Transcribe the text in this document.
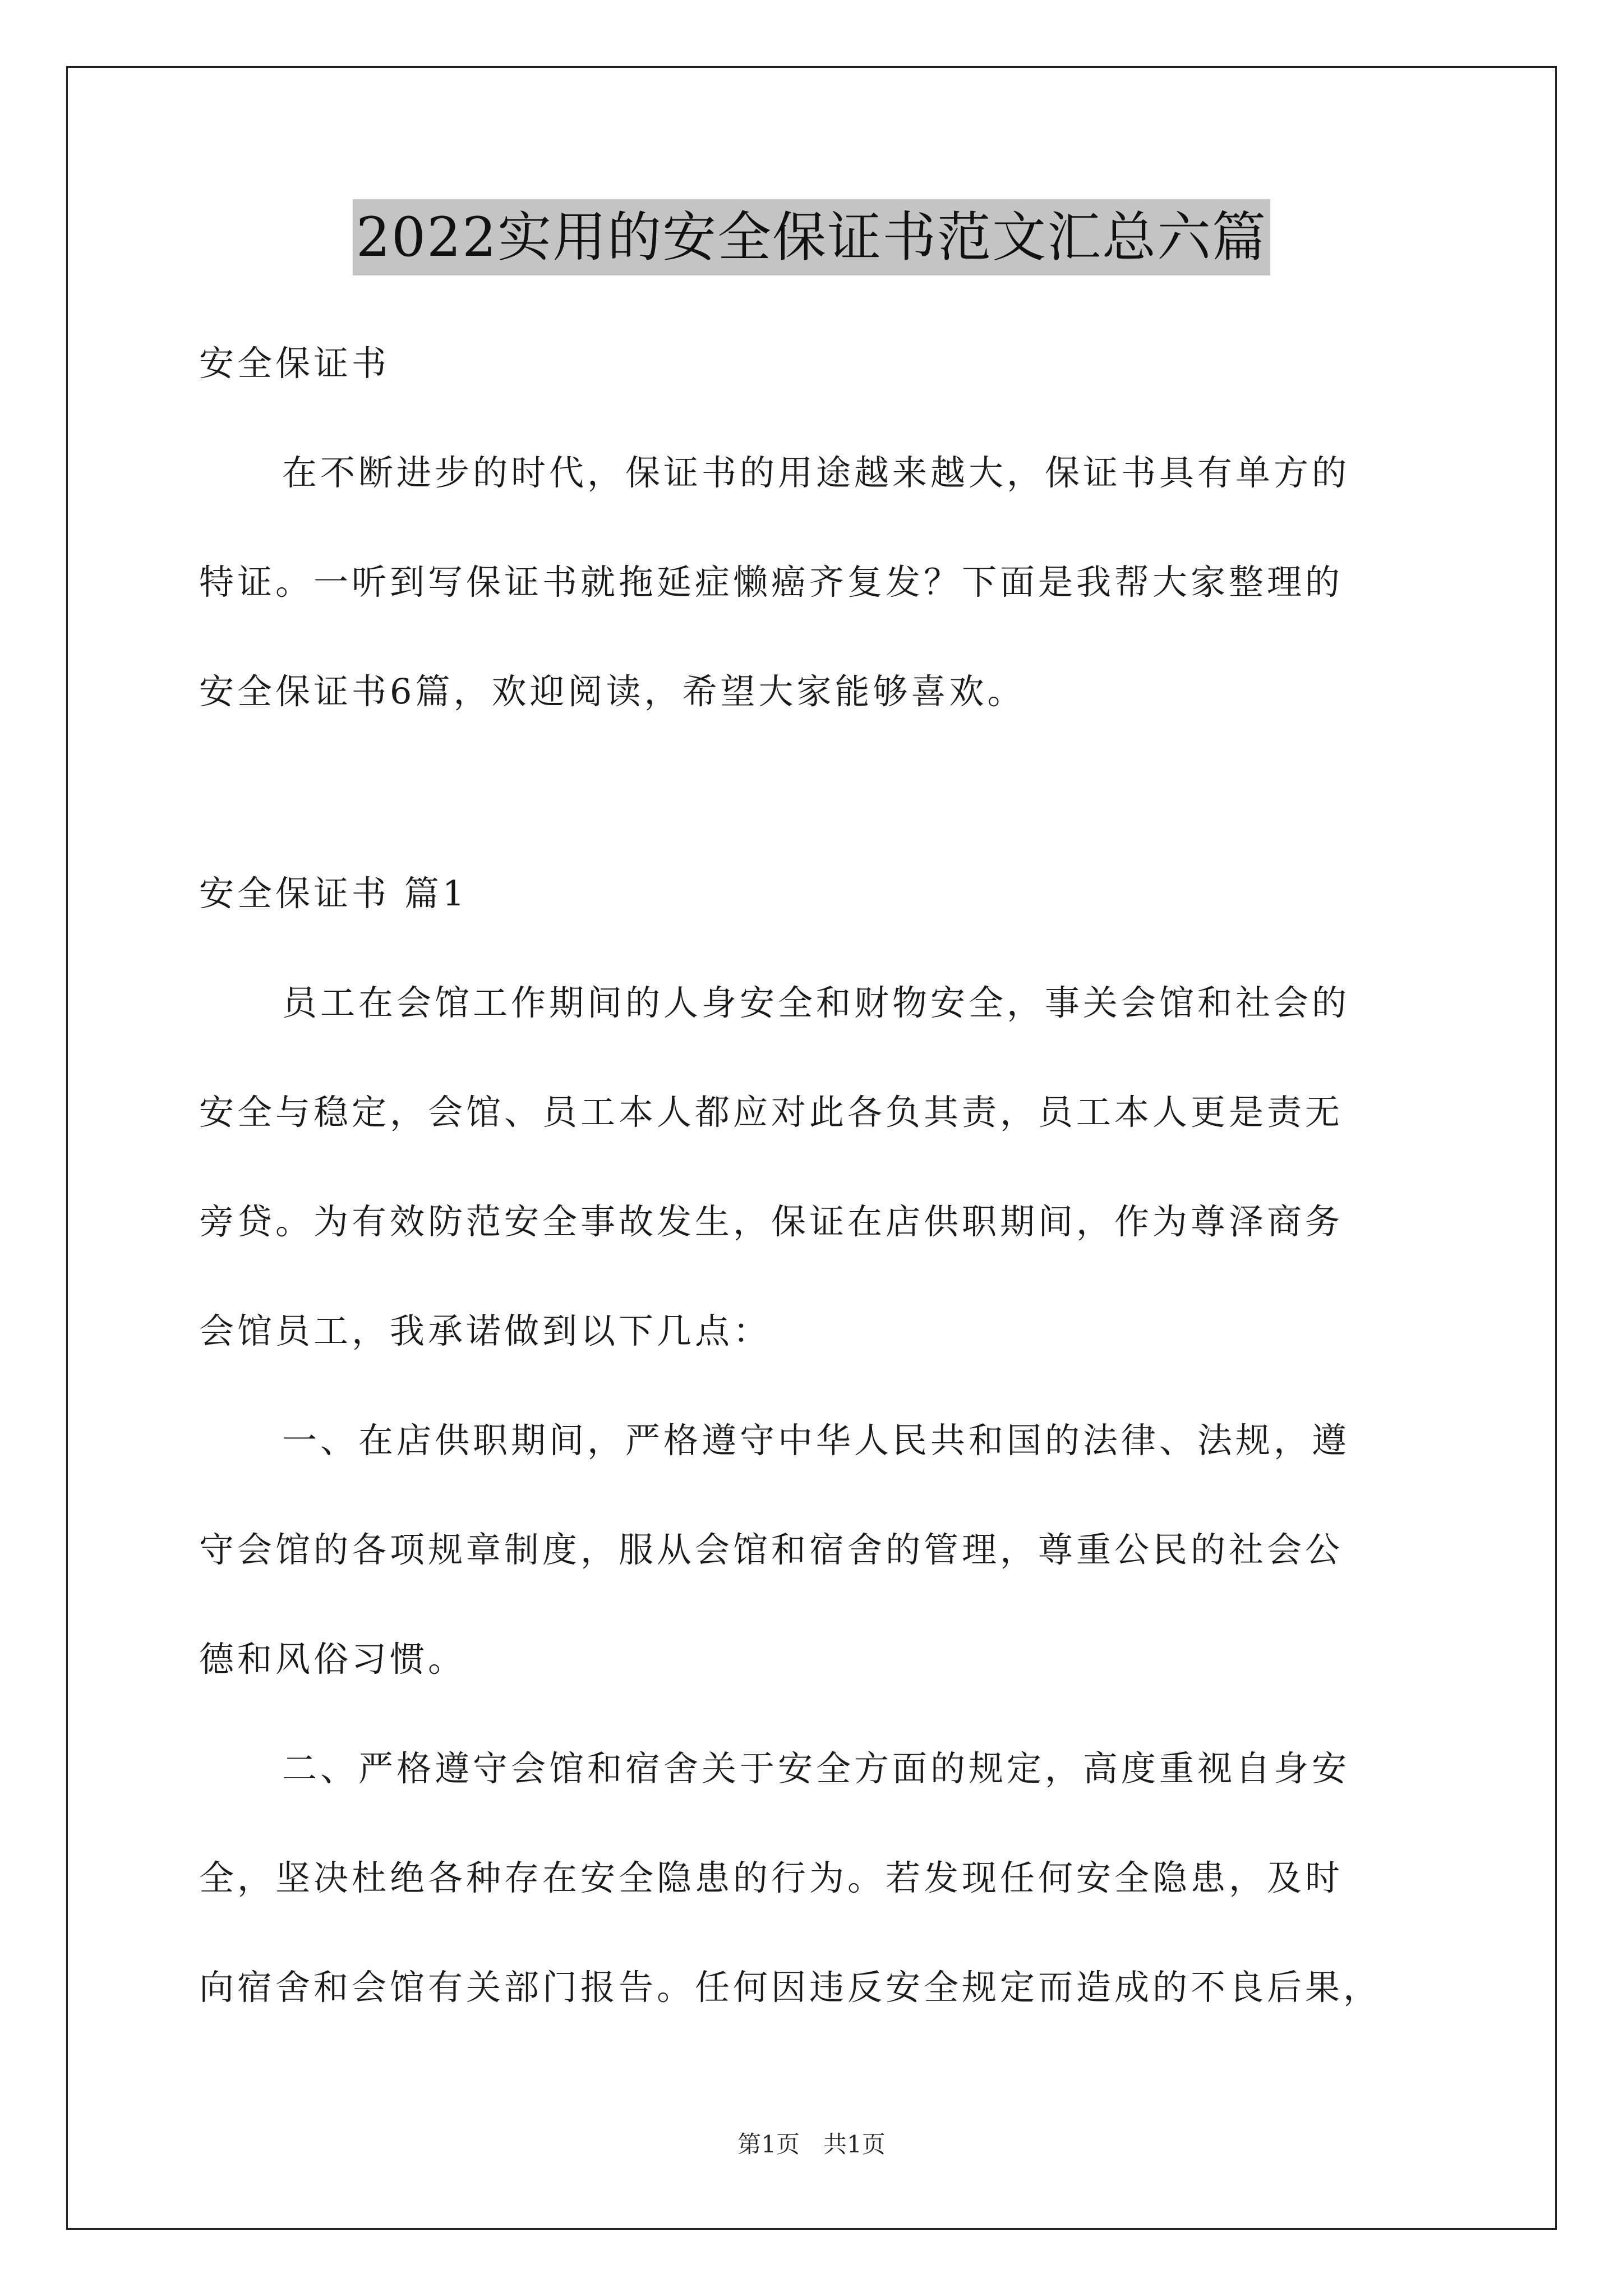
2022实用的安全保证书范文汇总六篇
安全保证书
在不断进步的时代，保证书的用途越来越大，保证书具有单方的
特证。一听到写保证书就拖延症懒癌齐复发？下面是我帮大家整理的
安全保证书6篇，欢迎阅读，希望大家能够喜欢。
安全保证书 篇1
员工在会馆工作期间的人身安全和财物安全，事关会馆和社会的
安全与稳定，会馆、员工本人都应对此各负其责，员工本人更是责无
旁贷。为有效防范安全事故发生，保证在店供职期间，作为尊泽商务
会馆员工，我承诺做到以下几点：
一、在店供职期间，严格遵守中华人民共和国的法律、法规，遵
守会馆的各项规章制度，服从会馆和宿舍的管理，尊重公民的社会公
德和风俗习惯。
二、严格遵守会馆和宿舍关于安全方面的规定，高度重视自身安
全，坚决杜绝各种存在安全隐患的行为。若发现任何安全隐患，及时
向宿舍和会馆有关部门报告。任何因违反安全规定而造成的不良后果，
第1页　共1页
